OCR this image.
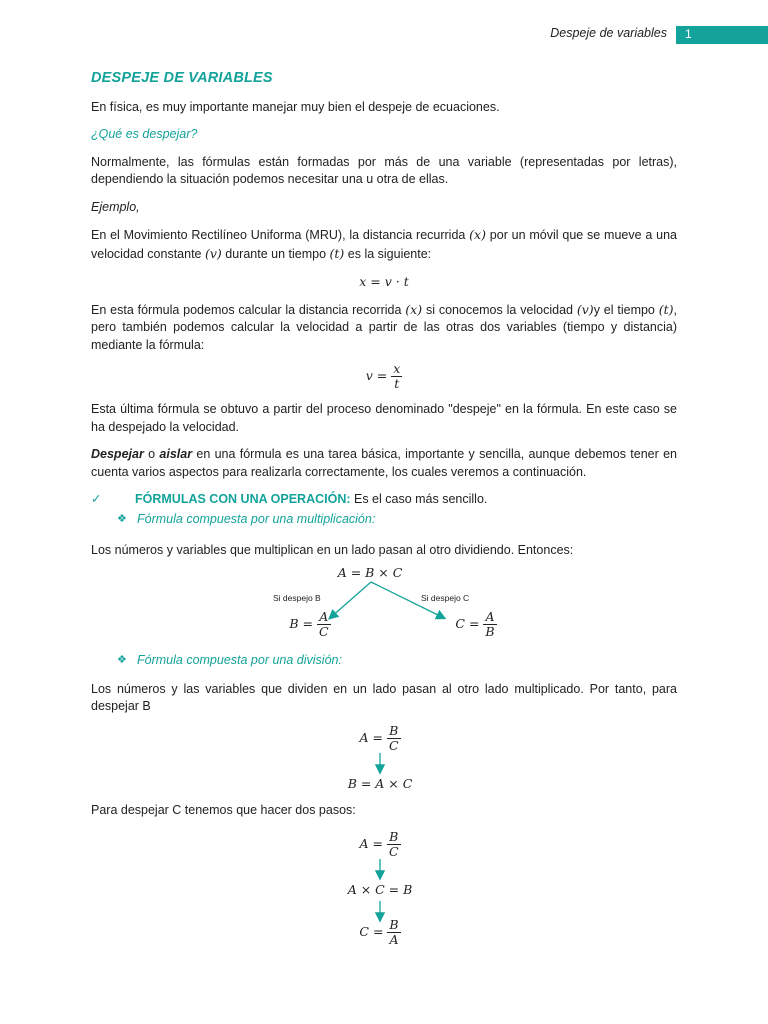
Despeje de variables	1
DESPEJE DE VARIABLES

En física, es muy importante manejar muy bien el despeje de ecuaciones.

¿Qué es despejar?

Normalmente, las fórmulas están formadas por más de una variable (representadas por letras), dependiendo la situación podemos necesitar una u otra de ellas.

Ejemplo,

En el Movimiento Rectilíneo Uniforma (MRU), la distancia recurrida (x) por un móvil que se mueve a una velocidad constante (v) durante un tiempo (t) es la siguiente:

x = v · t

En esta fórmula podemos calcular la distancia recorrida (x) si conocemos la velocidad (v)y el tiempo (t), pero también podemos calcular la velocidad a partir de las otras dos variables (tiempo y distancia) mediante la fórmula:

$v = \frac{x}{t}$

Esta última fórmula se obtuvo a partir del proceso denominado "despeje" en la fórmula. En este caso se ha despejado la velocidad.

Despejar o aislar en una fórmula es una tarea básica, importante y sencilla, aunque debemos tener en cuenta varios aspectos para realizarla correctamente, los cuales veremos a continuación.

✓	FÓRMULAS CON UNA OPERACIÓN: Es el caso más sencillo.
❖ Fórmula compuesta por una multiplicación:

Los números y variables que multiplican en un lado pasan al otro dividiendo. Entonces:

A = B × C
Si despejo B	Si despejo C
$B = \frac{A}{C}$	$C = \frac{A}{B}$
❖ Fórmula compuesta por una división:

Los números y las variables que dividen en un lado pasan al otro lado multiplicado. Por tanto, para despejar B

$A = \frac{B}{C}$
B = A × C
Para despejar C tenemos que hacer dos pasos:
$A = \frac{B}{C}$
A × C = B
$C = \frac{B}{A}$
